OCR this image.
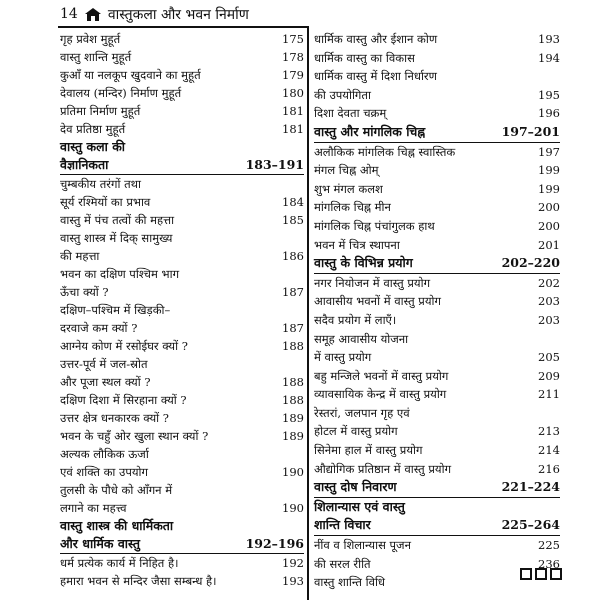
14 वास्तुकला और भवन निर्माण
गृह प्रवेश मुहूर्त	175
वास्तु शान्ति मुहूर्त	178
कुआँ या नलकूप खुदवाने का मुहूर्त	179
देवालय (मन्दिर) निर्माण मुहूर्त	180
प्रतिमा निर्माण मुहूर्त	181
देव प्रतिष्ठा मुहूर्त	181
वास्तु कला की
वैज्ञानिकता	183–191
चुम्बकीय तरंगों तथा
सूर्य रश्मियों का प्रभाव	184
वास्तु में पंच तत्वों की महत्ता	185
वास्तु शास्त्र में दिक् सामुख्य
की महत्ता	186
भवन का दक्षिण पश्चिम भाग
ऊँचा क्यों ?	187
दक्षिण–पश्चिम में खिड़की–
दरवाजे कम क्यों ?	187
आग्नेय कोण में रसोईघर क्यों ?	188
उत्तर-पूर्व में जल-स्रोत
और पूजा स्थल क्यों ?	188
दक्षिण दिशा में सिरहाना क्यों ?	188
उत्तर क्षेत्र धनकारक क्यों ?	189
भवन के चहुँ ओर खुला स्थान क्यों ?	189
अल्यक लौकिक ऊर्जा
एवं शक्ति का उपयोग	190
तुलसी के पौधे को आँगन में
लगाने का महत्त्व	190
वास्तु शास्त्र की धार्मिकता
और धार्मिक वास्तु	192–196
धर्म प्रत्येक कार्य में निहित है।	192
हमारा भवन से मन्दिर जैसा सम्बन्ध है।	193
धार्मिक वास्तु और ईशान कोण	193
धार्मिक वास्तु का विकास	194
धार्मिक वास्तु में दिशा निर्धारण
की उपयोगिता	195
दिशा देवता चक्रम्	196
वास्तु और मांगलिक चिह्न	197–201
अलौकिक मांगलिक चिह्न स्वास्तिक	197
मंगल चिह्न ओम्	199
शुभ मंगल कलश	199
मांगलिक चिह्न मीन	200
मांगलिक चिह्न पंचांगुलक हाथ	200
भवन में चित्र स्थापना	201
वास्तु के विभिन्न प्रयोग	202–220
नगर नियोजन में वास्तु प्रयोग	202
आवासीय भवनों में वास्तु प्रयोग	203
सदैव प्रयोग में लाएँ।	203
समूह आवासीय योजना
में वास्तु प्रयोग	205
बहु मन्जिले भवनों में वास्तु प्रयोग	209
व्यावसायिक केन्द्र में वास्तु प्रयोग	211
रेस्तरां, जलपान गृह एवं
होटल में वास्तु प्रयोग	213
सिनेमा हाल में वास्तु प्रयोग	214
औद्योगिक प्रतिष्ठान में वास्तु प्रयोग	216
वास्तु दोष निवारण	221–224
शिलान्यास एवं वास्तु
शान्ति विचार	225–264
नींव व शिलान्यास पूजन	225
की सरल रीति	236
वास्तु शान्ति विधि
